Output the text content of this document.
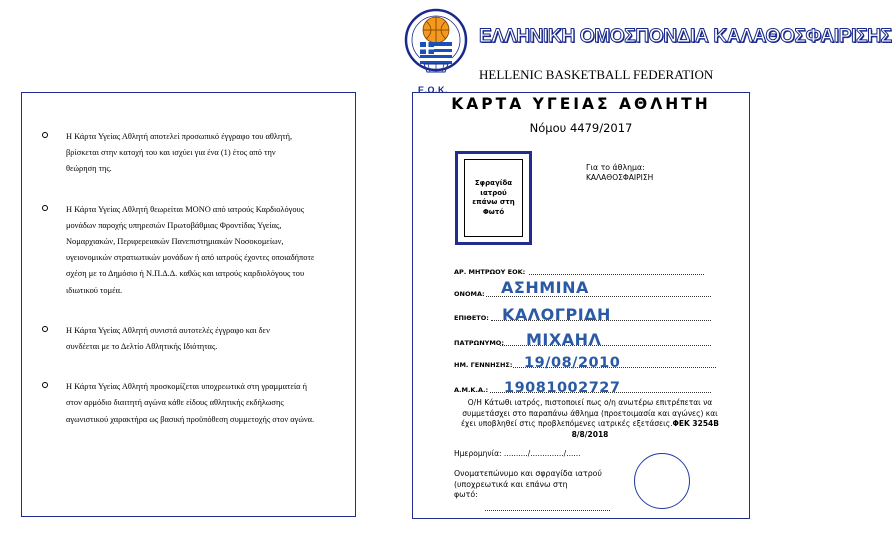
Ε.Ο.Κ.
ΕΛΛΗΝΙΚΗ ΟΜΟΣΠΟΝΔΙΑ ΚΑΛΑΘΟΣΦΑΙΡΙΣΗΣ
HELLENIC BASKETBALL FEDERATION
Η Κάρτα Υγείας Αθλητή αποτελεί προσωπικό έγγραφο του αθλητή,
βρίσκεται στην κατοχή του και ισχύει για ένα (1) έτος από την
θεώρηση της.
Η Κάρτα Υγείας Αθλητή θεωρείται ΜΟΝΟ από ιατρούς Καρδιολόγους
μονάδων παροχής υπηρεσιών Πρωτοβάθμιας Φροντίδας Υγείας,
Νομαρχιακών, Περιφερειακών Πανεπιστημιακών Νοσοκομείων,
υγειονομικών στρατιωτικών μονάδων ή από ιατρούς έχοντες οποιαδήποτε
σχέση με το Δημόσιο ή Ν.Π.Δ.Δ. καθώς και ιατρούς καρδιολόγους του
ιδιωτικού τομέα.
Η Κάρτα Υγείας Αθλητή συνιστά αυτοτελές έγγραφο και δεν
συνδέεται με το Δελτίο Αθλητικής Ιδιότητας.
Η Κάρτα Υγείας Αθλητή προσκομίζεται υποχρεωτικά στη γραμματεία ή
στον αρμόδιο διαιτητή αγώνα κάθε είδους αθλητικής εκδήλωσης
αγωνιστικού χαρακτήρα ως βασική προϋπόθεση συμμετοχής στον αγώνα.
ΚΑΡΤΑ ΥΓΕΙΑΣ ΑΘΛΗΤΗ
Νόμου 4479/2017
Σφραγίδα
ιατρού
επάνω στη
Φωτό
Για το άθλημα:
ΚΑΛΑΘΟΣΦΑΙΡΙΣΗ
ΑΡ. ΜΗΤΡΩΟΥ ΕΟΚ:
ΟΝΟΜΑ: ΑΣΗΜΙΝΑ
ΕΠΙΘΕΤΟ: ΚΑΛΟΓΡΙΔΗ
ΠΑΤΡΩΝΥΜΟ: ΜΙΧΑΗΛ
ΗΜ. ΓΕΝΝΗΣΗΣ: 19/08/2010
Α.Μ.Κ.Α.: 19081002727
Ο/Η Κάτωθι ιατρός, πιστοποιεί πως ο/η ανωτέρω επιτρέπεται να συμμετάσχει στο παραπάνω άθλημα (προετοιμασία και αγώνες) και έχει υποβληθεί στις προβλεπόμενες ιατρικές εξετάσεις.ΦΕΚ 3254Β 8/8/2018
Ημερομηνία: ........../............../......
Ονοματεπώνυμο και σφραγίδα ιατρού
(υποχρεωτικά και επάνω στη
φωτό:
